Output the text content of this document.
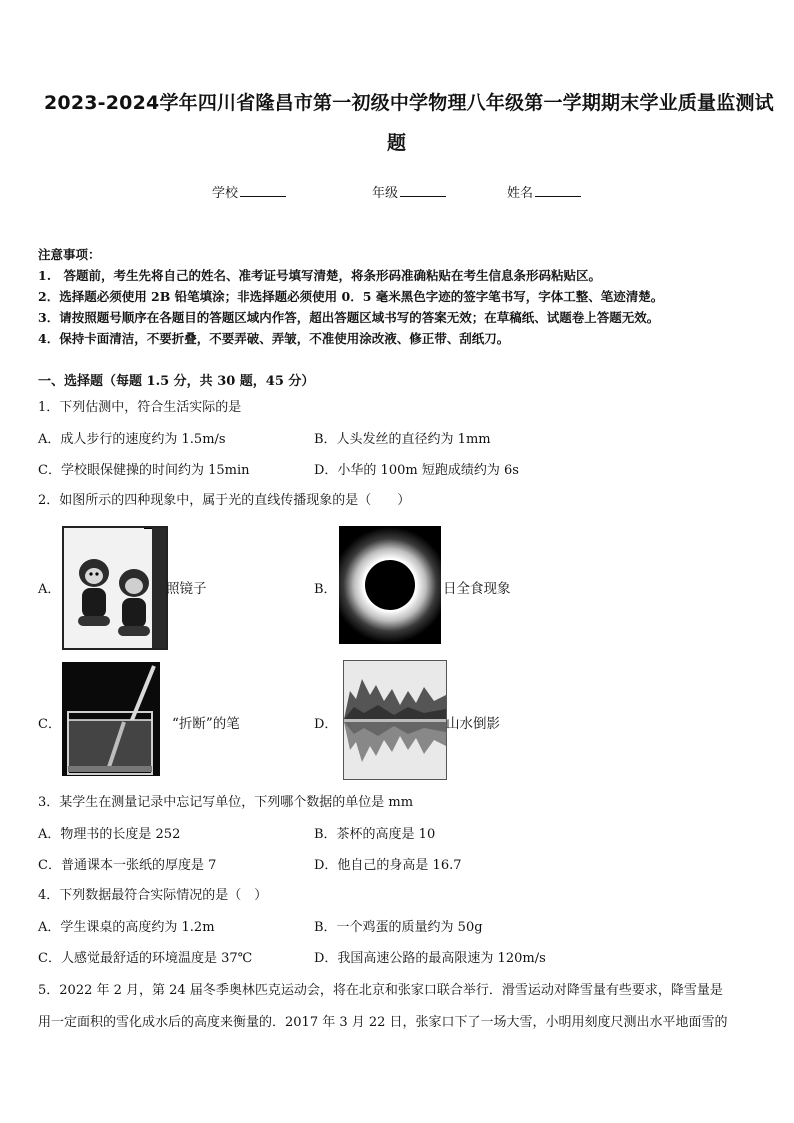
2023-2024学年四川省隆昌市第一初级中学物理八年级第一学期期末学业质量监测试
题
学校	年级	姓名
注意事项：
1.　答题前，考生先将自己的姓名、准考证号填写清楚，将条形码准确粘贴在考生信息条形码粘贴区。
2．选择题必须使用 2B 铅笔填涂；非选择题必须使用 0．5 毫米黑色字迹的签字笔书写，字体工整、笔迹清楚。
3．请按照题号顺序在各题目的答题区域内作答，超出答题区域书写的答案无效；在草稿纸、试题卷上答题无效。
4．保持卡面清洁，不要折叠，不要弄破、弄皱，不准使用涂改液、修正带、刮纸刀。
一、选择题（每题 1.5 分，共 30 题，45 分）
1．下列估测中，符合生活实际的是
A．成人步行的速度约为 1.5m/s	B．人头发丝的直径约为 1mm
C．学校眼保健操的时间约为 15min	D．小华的 100m 短跑成绩约为 6s
2．如图所示的四种现象中，属于光的直线传播现象的是（　　）
A．	照镜子	B．	日全食现象
C．	“折断”的笔	D．	山水倒影
3．某学生在测量记录中忘记写单位，下列哪个数据的单位是 mm
A．物理书的长度是 252	B．茶杯的高度是 10
C．普通课本一张纸的厚度是 7	D．他自己的身高是 16.7
4．下列数据最符合实际情况的是（　）
A．学生课桌的高度约为 1.2m	B．一个鸡蛋的质量约为 50g
C．人感觉最舒适的环境温度是 37℃	D．我国高速公路的最高限速为 120m/s
5．2022 年 2 月，第 24 届冬季奥林匹克运动会，将在北京和张家口联合举行．滑雪运动对降雪量有些要求，降雪量是
用一定面积的雪化成水后的高度来衡量的．2017 年 3 月 22 日，张家口下了一场大雪，小明用刻度尺测出水平地面雪的
